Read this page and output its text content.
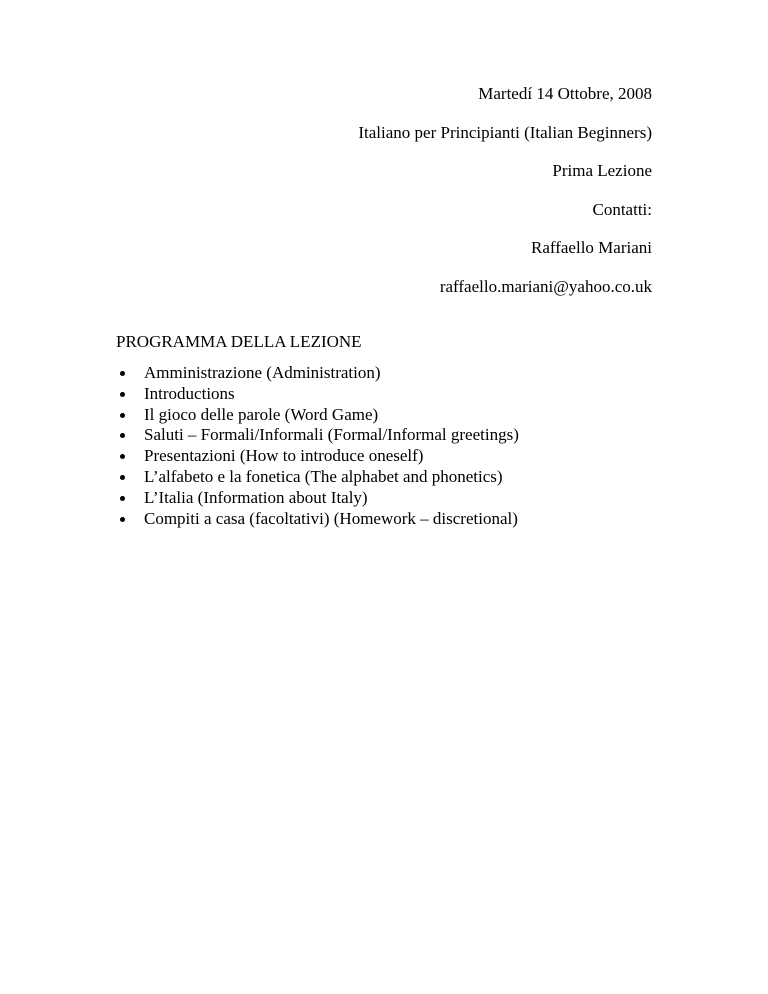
Martedí 14 Ottobre, 2008
Italiano per Principianti (Italian Beginners)
Prima Lezione
Contatti:
Raffaello Mariani
raffaello.mariani@yahoo.co.uk
PROGRAMMA DELLA LEZIONE
Amministrazione (Administration)
Introductions
Il gioco delle parole (Word Game)
Saluti – Formali/Informali (Formal/Informal greetings)
Presentazioni (How to introduce oneself)
L’alfabeto e la fonetica (The alphabet and phonetics)
L’Italia (Information about Italy)
Compiti a casa (facoltativi) (Homework – discretional)
